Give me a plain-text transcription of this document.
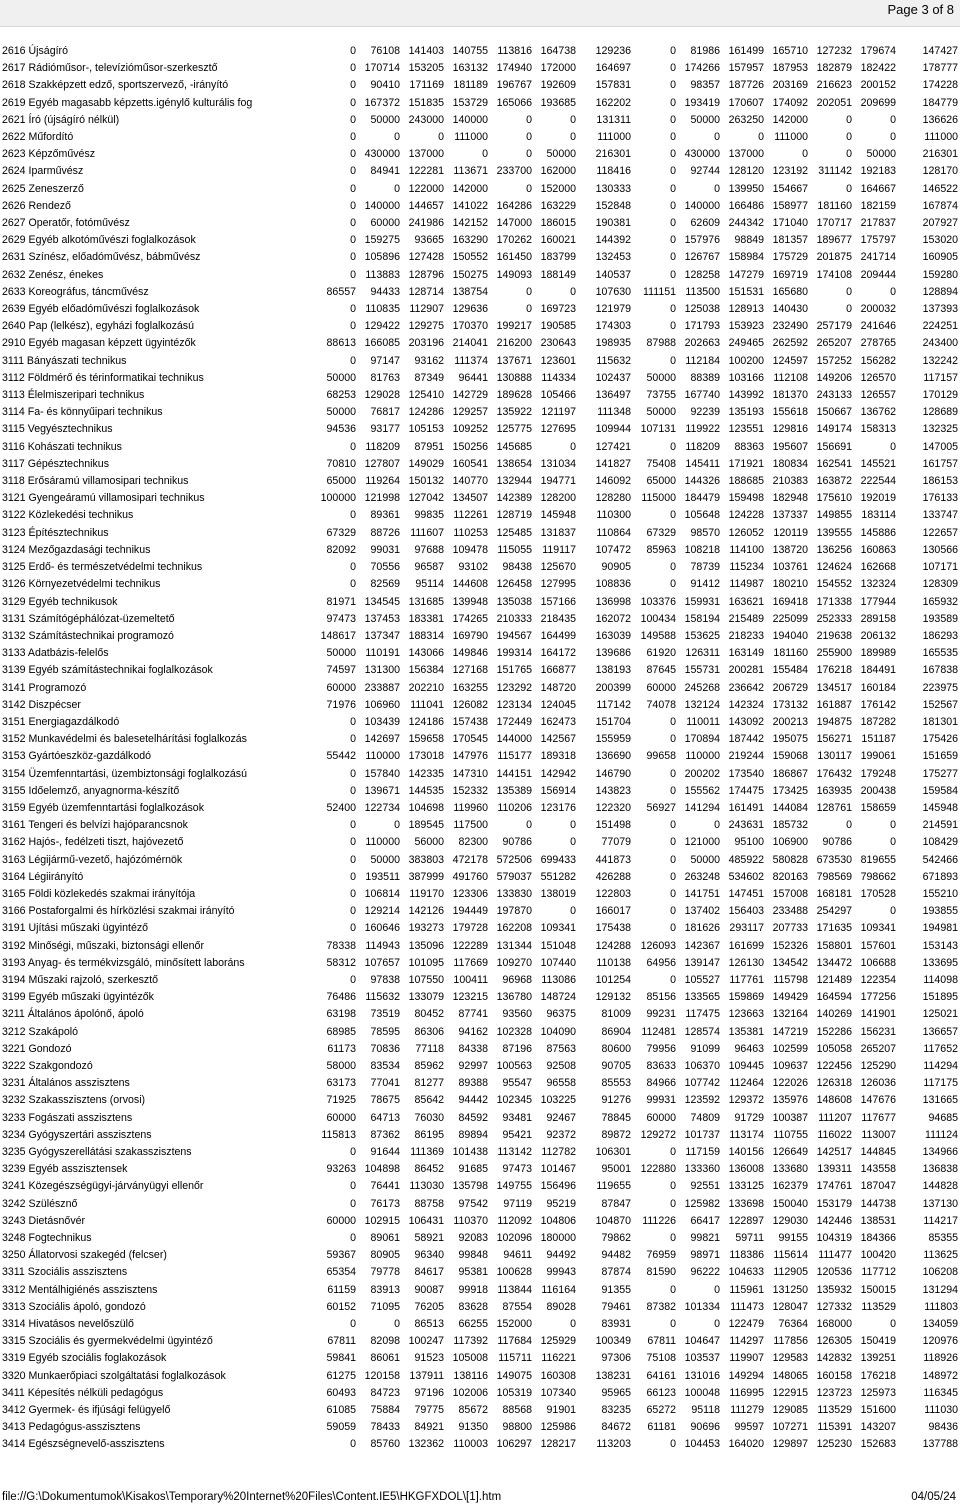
Page 3 of 8
2616 Újságíró	0	76108	141403	140755	113816	164738	129236	0	81986	161499	165710	127232	179674	147427
2617 Rádióműsor-, televízióműsor-szerkesztő	0	170714	153205	163132	174940	172000	164697	0	174266	157957	187953	182879	182422	178777
2618 Szakképzett edző, sportszervező, -irányító	0	90410	171169	181189	196767	192609	157831	0	98357	187726	203169	216623	200152	174228
2619 Egyéb magasabb képzetts.igénylő kulturális fog	0	167372	151835	153729	165066	193685	162202	0	193419	170607	174092	202051	209699	184779
2621 Író (újságíró nélkül)	0	50000	243000	140000	0	0	131311	0	50000	263250	142000	0	0	136626
2622 Műfordító	0	0	0	111000	0	0	111000	0	0	0	111000	0	0	111000
2623 Képzőművész	0	430000	137000	0	0	50000	216301	0	430000	137000	0	0	50000	216301
2624 Iparművész	0	84941	122281	113671	233700	162000	118416	0	92744	128120	123192	311142	192183	128170
2625 Zeneszerző	0	0	122000	142000	0	152000	130333	0	0	139950	154667	0	164667	146522
2626 Rendező	0	140000	144657	141022	164286	163229	152848	0	140000	166486	158977	181160	182159	167874
2627 Operatőr, fotóművész	0	60000	241986	142152	147000	186015	190381	0	62609	244342	171040	170717	217837	207927
2629 Egyéb alkotóművészi foglalkozások	0	159275	93665	163290	170262	160021	144392	0	157976	98849	181357	189677	175797	153020
2631 Színész, előadóművész, bábművész	0	105896	127428	150552	161450	183799	132453	0	126767	158984	175729	201875	241714	160905
2632 Zenész, énekes	0	113883	128796	150275	149093	188149	140537	0	128258	147279	169719	174108	209444	159280
2633 Koreográfus, táncművész	86557	94433	128714	138754	0	0	107630	111151	113500	151531	165680	0	0	128894
2639 Egyéb előadóművészi foglalkozások	0	110835	112907	129636	0	169723	121979	0	125038	128913	140430	0	200032	137393
2640 Pap (lelkész), egyházi foglalkozású	0	129422	129275	170370	199217	190585	174303	0	171793	153923	232490	257179	241646	224251
2910 Egyéb magasan képzett ügyintézők	88613	166085	203196	214041	216200	230643	198935	87988	202663	249465	262592	265207	278765	243400
3111 Bányászati technikus	0	97147	93162	111374	137671	123601	115632	0	112184	100200	124597	157252	156282	132242
3112 Földmérő és térinformatikai technikus	50000	81763	87349	96441	130888	114334	102437	50000	88389	103166	112108	149206	126570	117157
3113 Élelmiszeripari technikus	68253	129028	125410	142729	189628	105466	136497	73755	167740	143992	181370	243133	126557	170129
3114 Fa- és könnyűipari technikus	50000	76817	124286	129257	135922	121197	111348	50000	92239	135193	155618	150667	136762	128689
3115 Vegyésztechnikus	94536	93177	105153	109252	125775	127695	109944	107131	119922	123551	129816	149174	158313	132325
3116 Kohászati technikus	0	118209	87951	150256	145685	0	127421	0	118209	88363	195607	156691	0	147005
3117 Gépésztechnikus	70810	127807	149029	160541	138654	131034	141827	75408	145411	171921	180834	162541	145521	161757
3118 Erősáramú villamosipari technikus	65000	119264	150132	140770	132944	194771	146092	65000	144326	188685	210383	163872	222544	186153
3121 Gyengeáramú villamosipari technikus	100000	121998	127042	134507	142389	128200	128280	115000	184479	159498	182948	175610	192019	176133
3122 Közlekedési technikus	0	89361	99835	112261	128719	145948	110300	0	105648	124228	137337	149855	183114	133747
3123 Építésztechnikus	67329	88726	111607	110253	125485	131837	110864	67329	98570	126052	120119	139555	145886	122657
3124 Mezőgazdasági technikus	82092	99031	97688	109478	115055	119117	107472	85963	108218	114100	138720	136256	160863	130566
3125 Erdő- és természetvédelmi technikus	0	70556	96587	93102	98438	125670	90905	0	78739	115234	103761	124624	162668	107171
3126 Környezetvédelmi technikus	0	82569	95114	144608	126458	127995	108836	0	91412	114987	180210	154552	132324	128309
3129 Egyéb technikusok	81971	134545	131685	139948	135038	157166	136998	103376	159931	163621	169418	171338	177944	165932
3131 Számítógéphálózat-üzemeltető	97473	137453	183381	174265	210333	218435	162072	100434	158194	215489	225099	252333	289158	193589
3132 Számítástechnikai programozó	148617	137347	188314	169790	194567	164499	163039	149588	153625	218233	194040	219638	206132	186293
3133 Adatbázis-felelős	50000	110191	143066	149846	199314	164172	139686	61920	126311	163149	181160	255900	189989	165535
3139 Egyéb számítástechnikai foglalkozások	74597	131300	156384	127168	151765	166877	138193	87645	155731	200281	155484	176218	184491	167838
3141 Programozó	60000	233887	202210	163255	123292	148720	200399	60000	245268	236642	206729	134517	160184	223975
3142 Diszpécser	71976	106960	111041	126082	123134	124045	117142	74078	132124	142324	173132	161887	176142	152567
3151 Energiagazdálkodó	0	103439	124186	157438	172449	162473	151704	0	110011	143092	200213	194875	187282	181301
3152 Munkavédelmi és balesetelhárítási foglalkozás	0	142697	159658	170545	144000	142567	155959	0	170894	187442	195075	156271	151187	175426
3153 Gyártóeszköz-gazdálkodó	55442	110000	173018	147976	115177	189318	136690	99658	110000	219244	159068	130117	199061	151659
3154 Üzemfenntartási, üzembiztonsági foglalkozású	0	157840	142335	147310	144151	142942	146790	0	200202	173540	186867	176432	179248	175277
3155 Időelemző, anyagnorma-készítő	0	139671	144535	152332	135389	156914	143823	0	155562	174475	173425	163935	200438	159584
3159 Egyéb üzemfenntartási foglalkozások	52400	122734	104698	119960	110206	123176	122320	56927	141294	161491	144084	128761	158659	145948
3161 Tengeri és belvízi hajóparancsnok	0	0	189545	117500	0	0	151498	0	0	243631	185732	0	0	214591
3162 Hajós-, fedélzeti tiszt, hajóvezető	0	110000	56000	82300	90786	0	77079	0	121000	95100	106900	90786	0	108429
3163 Légijármű-vezető, hajózómérnök	0	50000	383803	472178	572506	699433	441873	0	50000	485922	580828	673530	819655	542466
3164 Légiirányító	0	193511	387999	491760	579037	551282	426288	0	263248	534602	820163	798569	798662	671893
3165 Földi közlekedés szakmai irányítója	0	106814	119170	123306	133830	138019	122803	0	141751	147451	157008	168181	170528	155210
3166 Postaforgalmi és hírközlési szakmai irányító	0	129214	142126	194449	197870	0	166017	0	137402	156403	233488	254297	0	193855
3191 Ujítási műszaki ügyintéző	0	160646	193273	179728	162208	109341	175438	0	181626	293117	207733	171635	109341	194981
3192 Minőségi, műszaki, biztonsági ellenőr	78338	114943	135096	122289	131344	151048	124288	126093	142367	161699	152326	158801	157601	153143
3193 Anyag- és termékvizsgáló, minősített laboráns	58312	107657	101095	117669	109270	107440	110138	64956	139147	126130	134542	134472	106688	133695
3194 Műszaki rajzoló, szerkesztő	0	97838	107550	100411	96968	113086	101254	0	105527	117761	115798	121489	122354	114098
3199 Egyéb műszaki ügyintézők	76486	115632	133079	123215	136780	148724	129132	85156	133565	159869	149429	164594	177256	151895
3211 Általános ápolónő, ápoló	63198	73519	80452	87741	93560	96375	81009	99231	117475	123663	132164	140269	141901	125021
3212 Szakápoló	68985	78595	86306	94162	102328	104090	86904	112481	128574	135381	147219	152286	156231	136657
3221 Gondozó	61173	70836	77118	84338	87196	87563	80600	79956	91099	96463	102599	105058	265207	117652
3222 Szakgondozó	58000	83534	85962	92997	100563	92508	90705	83633	106370	109445	109637	122456	125290	114294
3231 Általános asszisztens	63173	77041	81277	89388	95547	96558	85553	84966	107742	112464	122026	126318	126036	117175
3232 Szakasszisztens (orvosi)	71925	78675	85642	94442	102345	103225	91276	99931	123592	129372	135976	148608	147676	131665
3233 Fogászati asszisztens	60000	64713	76030	84592	93481	92467	78845	60000	74809	91729	100387	111207	117677	94685
3234 Gyógyszertári asszisztens	115813	87362	86195	89894	95421	92372	89872	129272	101737	113174	110755	116022	113007	111124
3235 Gyógyszerellátási szakasszisztens	0	91644	111369	101438	113142	112782	106301	0	117159	140156	126649	142517	144845	134966
3239 Egyéb asszisztensek	93263	104898	86452	91685	97473	101467	95001	122880	133360	136008	133680	139311	143558	136838
3241 Közegészségügyi-járványügyi ellenőr	0	76441	113030	135798	149755	156496	119655	0	92551	133125	162379	174761	187047	144828
3242 Szülésznő	0	76173	88758	97542	97119	95219	87847	0	125982	133698	150040	153179	144738	137130
3243 Dietásnővér	60000	102915	106431	110370	112092	104806	104870	111226	66417	122897	129030	142446	138531	114217
3248 Fogtechnikus	0	89061	58921	92083	102096	180000	79862	0	99821	59711	99155	104319	184366	85355
3250 Állatorvosi szakegéd (felcser)	59367	80905	96340	99848	94611	94492	94482	76959	98971	118386	115614	111477	100420	113625
3311 Szociális asszisztens	65354	79778	84617	95381	100628	99943	87874	81590	96222	104633	112905	120536	117712	106208
3312 Mentálhigiénés asszisztens	61159	83913	90087	99918	113844	116164	91355	0	0	115961	131250	135932	150015	131294
3313 Szociális ápoló, gondozó	60152	71095	76205	83628	87554	89028	79461	87382	101334	111473	128047	127332	113529	111803
3314 Hivatásos nevelőszülő	0	0	86513	66255	152000	0	83931	0	0	122479	76364	168000	0	134059
3315 Szociális és gyermekvédelmi ügyintéző	67811	82098	100247	117392	117684	125929	100349	67811	104647	114297	117856	126305	150419	120976
3319 Egyéb szociális foglakozások	59841	86061	91523	105008	115711	116221	97306	75108	103537	119907	129583	142832	139251	118926
3320 Munkaerőpiaci szolgáltatási foglalkozások	61275	120158	137911	138116	149075	160308	138231	64161	131016	149294	148065	160158	176218	148972
3411 Képesítés nélküli pedagógus	60493	84723	97196	102006	105319	107340	95965	66123	100048	116995	122915	123723	125973	116345
3412 Gyermek- és ifjúsági felügyelő	61085	75884	79775	85672	88568	91901	83235	65272	95118	111279	129085	113529	151600	111030
3413 Pedagógus-asszisztens	59059	78433	84921	91350	98800	125986	84672	61181	90696	99597	107271	115391	143207	98436
3414 Egészségnevelő-asszisztens	0	85760	132362	110003	106297	128217	113203	0	104453	164020	129897	125230	152683	137788
file://G:\Dokumentumok\Kisakos\Temporary%20Internet%20Files\Content.IE5\HKGFXDOL\[1].htm	04/05/24
